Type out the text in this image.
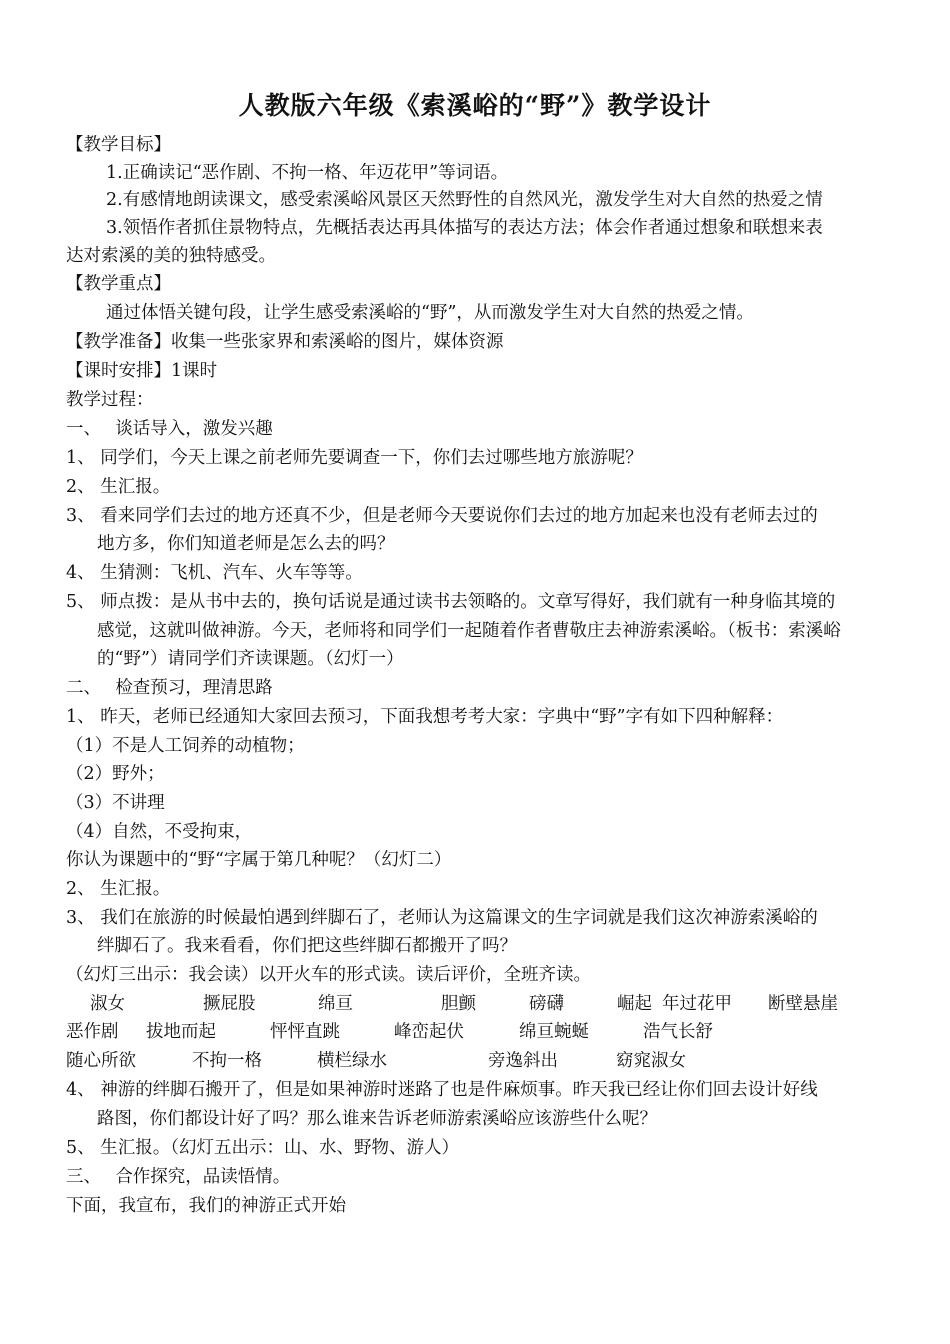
人教版六年级《索溪峪的“野”》教学设计
【教学目标】
1.正确读记“恶作剧、不拘一格、年迈花甲”等词语。
2.有感情地朗读课文，感受索溪峪风景区天然野性的自然风光，激发学生对大自然的热爱之情
3.领悟作者抓住景物特点，先概括表达再具体描写的表达方法；体会作者通过想象和联想来表
达对索溪的美的独特感受。
【教学重点】
通过体悟关键句段，让学生感受索溪峪的“野”，从而激发学生对大自然的热爱之情。
【教学准备】收集一些张家界和索溪峪的图片，媒体资源
【课时安排】1课时
教学过程：
一、　 谈话导入，激发兴趣
1、 同学们，今天上课之前老师先要调查一下，你们去过哪些地方旅游呢？
2、 生汇报。
3、 看来同学们去过的地方还真不少，但是老师今天要说你们去过的地方加起来也没有老师去过的
地方多，你们知道老师是怎么去的吗？
4、 生猜测：飞机、汽车、火车等等。
5、 师点拨：是从书中去的，换句话说是通过读书去领略的。文章写得好，我们就有一种身临其境的
感觉，这就叫做神游。今天，老师将和同学们一起随着作者曹敬庄去神游索溪峪。（板书：索溪峪
的“野”）请同学们齐读课题。（幻灯一）
二、　 检查预习，理清思路
1、 昨天，老师已经通知大家回去预习，下面我想考考大家：字典中“野”字有如下四种解释：
（1）不是人工饲养的动植物；
（2）野外；
（3）不讲理
（4）自然，不受拘束，
你认为课题中的“野“字属于第几种呢？（幻灯二）
2、 生汇报。
3、 我们在旅游的时候最怕遇到绊脚石了，老师认为这篇课文的生字词就是我们这次神游索溪峪的
绊脚石了。我来看看，你们把这些绊脚石都搬开了吗？
（幻灯三出示：我会读）以开火车的形式读。读后评价，全班齐读。
淑女	撅屁股	绵亘	胆颤	磅礴	崛起 年过花甲 断壁悬崖
恶作剧 拔地而起	怦怦直跳	峰峦起伏	绵亘蜿蜒	浩气长舒
随心所欲	不拘一格	横栏绿水	旁逸斜出	窈窕淑女
4、 神游的绊脚石搬开了，但是如果神游时迷路了也是件麻烦事。昨天我已经让你们回去设计好线
路图，你们都设计好了吗？那么谁来告诉老师游索溪峪应该游些什么呢？
5、 生汇报。（幻灯五出示：山、水、野物、游人）
三、　 合作探究，品读悟情。
下面，我宣布，我们的神游正式开始
